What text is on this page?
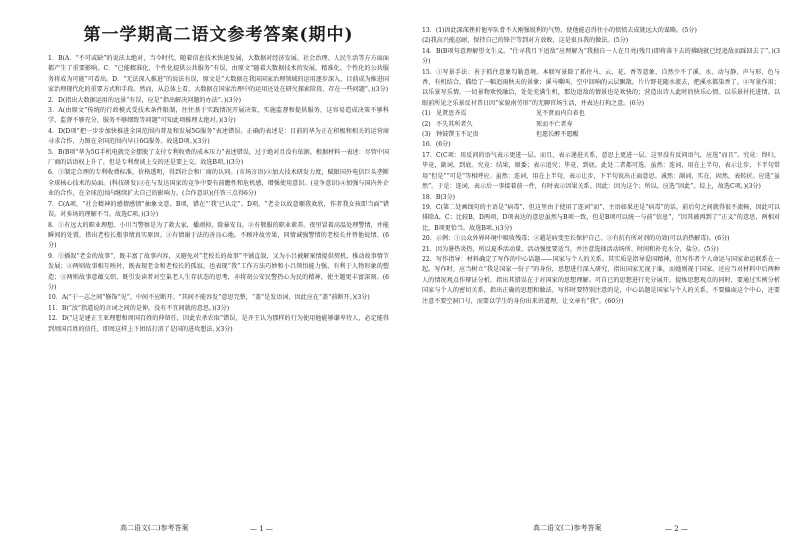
第一学期高二语文参考答案(期中)

1．B(A．“不可或缺”的说法太绝对，当今时代，随着信息技术快速发展，大数据对经济发展、社会治理、人民生活等方方面面都产生了重要影响。C．“已能精准化、个性化提供公共服务”有误，由原文“随着大数据技术的发展，精准化、个性化的公共服务将成为可能”可看出。D．“无法深入推进”的说法有误，原文是“大数据在我国国家治理领域的运用逐步深入，目前成为推进国家治理现代化的重要方式和手段。然而，从总体上看，大数据在国家治理中的运用还处在研究探索阶段，存在一些问题”。)(3分)

2．D(指出大数据运用的远景“有误，应是“指出解决问题的办法”。)(3分)

3．A(由原文“传统的行政模式受技术条件限制，往往基于实践情况开展决策，实施监督和提供服务，这容易造成决策不够科学、监督不够充分、服务不够细致等问题”可知此项推理太绝对。)(3分)

4．D(D项“把一步步加快推进全国范围内普及和发展5G服务”表述错误。正确的表述是：目前的华为正在积极和相关的运营商寻求合作，力图在全国范围内早日6G服务。故选D项。)(3分)

5．B(B项“华为5G手机电就完全摆脱了支付专利收费的成本压力”表述错误，过于绝对且没有依据。根据材料一表述：尽管中国厂商的话语权上升了，但是专利费谈上交的还是要上交。故选B项。)(3分)

6．①制定合理的专利收费标准，价格透明，得到社会和厂商的认同。(市场言语)②加大技术研发力度，赋限国外电信巨头垄断全球核心技术的局面。(科技研发)③在与发达国家的竞争中要有前瞻性和危机感，增强使用意识。(竞争意识)④加强与国内外企业的合作，在全球范围内继续扩大自己的影响力。(合作意识)(任答三点得6分)

7．C(A项，“社会精神的感情感情”抽象文意。B项，错在“‘我’已认定”。D项，“老金以故意顺我欢欣，作者我女孩即当面”错误。对多场的理解不当。故选C项。)(3分)

8．①有远大的职业理想。小川当警察是为了救大家，播顽掉，除暴安良。②有敬服的职业素养。夜里冒着高温处理警情，并能瞬间的处置，措出老校长瓶事情真实原因。③有情谢于法的善良心地。不顾冲故旁果，同情诚强警情的老校长并替他说情。(6分)

9．①插叙“老金的故事”，既丰富了故事内容，又避免对“老校长的故事”平铺直叙，又为小吕被解案情提供契机，推动故事情节发展；②两则故事相互映衬，既表现老金和老校长的孤寂、也表现“我”工作方法巧妙和小吕领悟能力强，有利于人物形象的塑造；③两则故事意蕴交织，既引发读者对空巢老人生存状态的思考，亦将胡公安民警热心为民的精神，使主题更丰富深刻。(6分)

10．A(“于一志之间”修饰“见”，中间不应断开。“其间不能容发”意思完整，“盖”是发语词，因此应在“盖”前断开。)(3分)

11．B(“汝”指道说的言词之间的是伸，没有不宜间就的意思。)(3分)

12．D(“这是建正王亚理想和周国百姓的伸留任，因此农杀农取”错误，是齐王认为那样的行为使用他能够谦卑待人，必定能得到周国百姓的信任，即周这样上下团结打消了是国的进攻想法。)(3分)

13．(1)因此深深挫折他军队骨不大刚强锐利的气势，使他能忍得住小的愤愤去成就远大的谋略。(5分)

(2)我高兴能忍耐，保持自己的锋芒等到对方放败，这是很良我的做法。(5分)

14．B(B项句意理解望文生义。“仕寻我月下追敌”应理解为“我独自一人在月亮(残月)即将落下去的拂晓就已经追敌而踩回去了”。)(3分)

15．①写景手法：善于抓住意象勾勒意境。本联写景除了抓住马、云、花、香等意象，自然少不了溪、水、动与静，声与形、色与香，有机结合，描绘了一幅追雨秋天的景象；溪马嘶叫，空中回响的云层飘散，片片野花随水流去，把溪水都染香了。②写景作用；以乐景写乐情。一切景物欢悦融洽，处处充满生机，那边追敌的情景也是欢快的；营造出诗人此时的快乐心情。以乐景衬托进情。以眼前所见之乐景反衬昔日因“家貌南劳形”的无聊官场生活，并表达打拘之意。(6分)

(1) 见贤思齐焉	见不贤而内自省也
(2) 不失其所者久	死而不亡者寿
(3) 钟鼓馔玉不足贵	但愿长醉不愿醒

16．(6分)

17．C(C项：用反问的语气表示更进一层。而且，表示递进关系，意思上更进一层。这里没有反问语气，应选“而且”。究竟：终归，毕竟，副词，到底。究竟：结果，原委；表示追究；毕竟，到底。此处二者都可选。虽然：连词，用在上半句，表示让步，下半句常用“但是”“可是”等相呼应。虽然：连词，用在上半句，表示让步，下半句说出正面意思。诚然：副词，实在，固然，表转折。应选“虽然”。于是：连词，表示后一事接着前一件，有时表示因果关系。因此：因为这个；所以。应选“因此”。综上，故选C项。)(3分)

18．B(3分)

19．C(第二处画线句的主语是“病毒”，但这里由于使用了连词“而”，主语如果还是“病毒”的话，前后句之间就得很不流畅，因此可以排除A，C；比较B，D两项，D项表达的意思虽然与B项一致，但是B项可以统一与前“信息”，“因其被再到了“正义”的意思，两相对比，B项更恰当。故选B项。)(3分)

20．示例：①公众外界环境中吸收残毒；②越是病变至长保护自己。③有抗有所对剂的功效(可以消热解毒)。(6分)

21．因为暑热炎热，所以夏季活动量、活动强度要适当，并注意选择活动场所、时间和补充水分，盐分。(5分)

22．写作指导：材料确定了写作的中心话题——国家与个人的关系。其实质是指导爱国精神，但写作者个人命运与国家命运联系在一起。写作时，应当树立“我是国家一份子”的身份，思想进行深入研究，指出国家无视于谁，而她则视于国家。还应当对材料中后两种人的情况观点作辩证分析，指出其错误在于对国家的思想理解。可自已的思想进行充分展开，提炼思想观点的同时，要通过实例分析国家与个人的密切关系，指出正确的思想和做法。写作时要特别注意的是，中心话题是国家与个人的关系，不要偏面这个中心，还要注意不要空洞口号，而要以学生的身份出来讲道理，让文章有“我”。(60分)

高二语文(二)参考答案	— 1 —	高二语文(二)参考答案	— 2 —
